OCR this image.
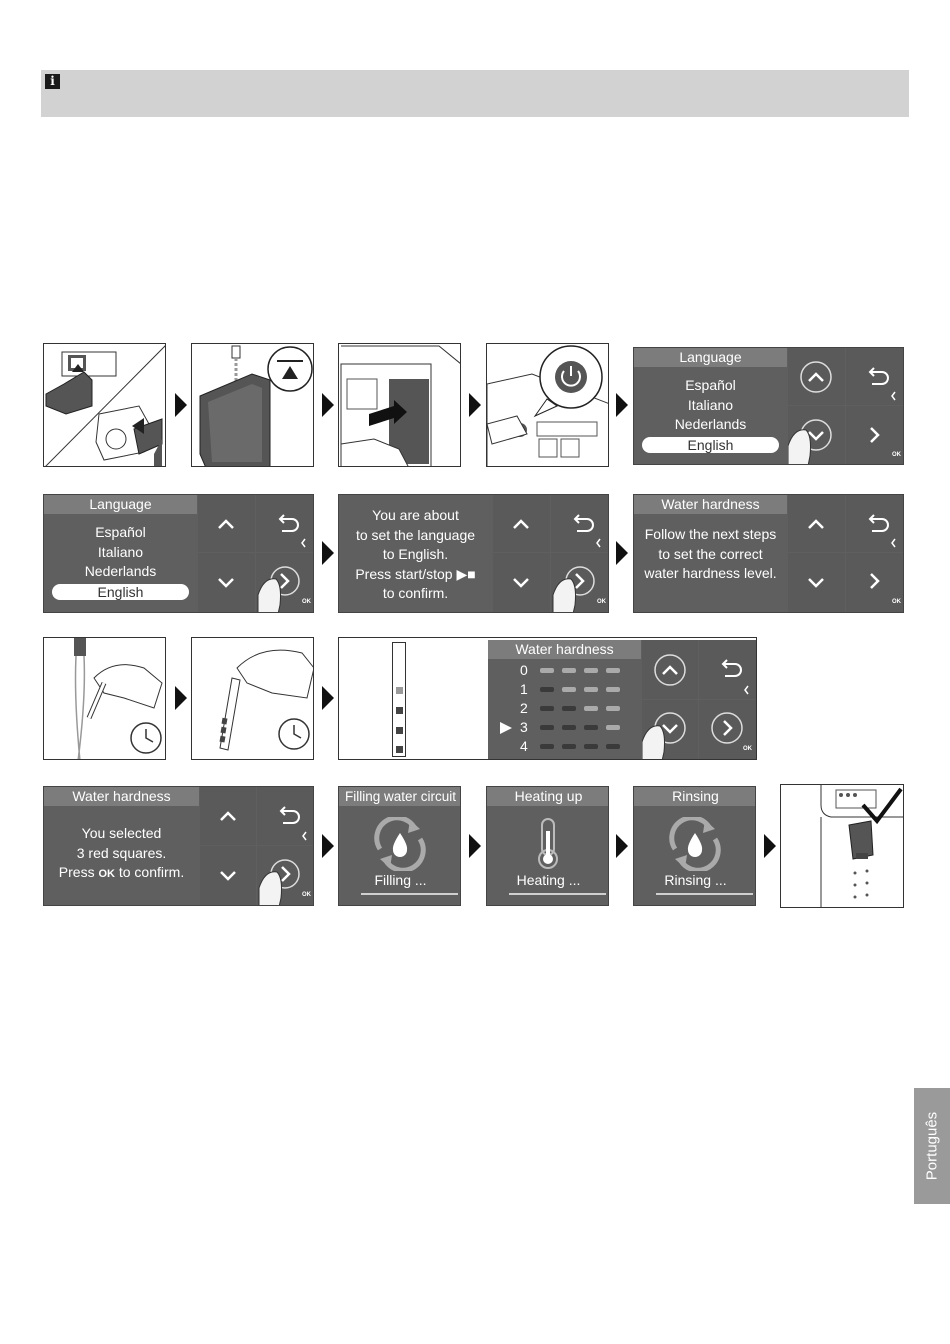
i
Language
Español
Italiano
Nederlands
English
OK
Language
Español
Italiano
Nederlands
English
OK
You are about
to set the language
to English.
Press start/stop ▶■
to confirm.
OK
Water hardness
Follow the next steps
to set the correct
water hardness level.
OK
Water hardness
0
1
2
3
4	OK
Water hardness
You selected
3 red squares.
Press OK to confirm.
OK
Filling water circuit
Filling ...
Heating up
Heating ...
Rinsing
Rinsing ...
Português
